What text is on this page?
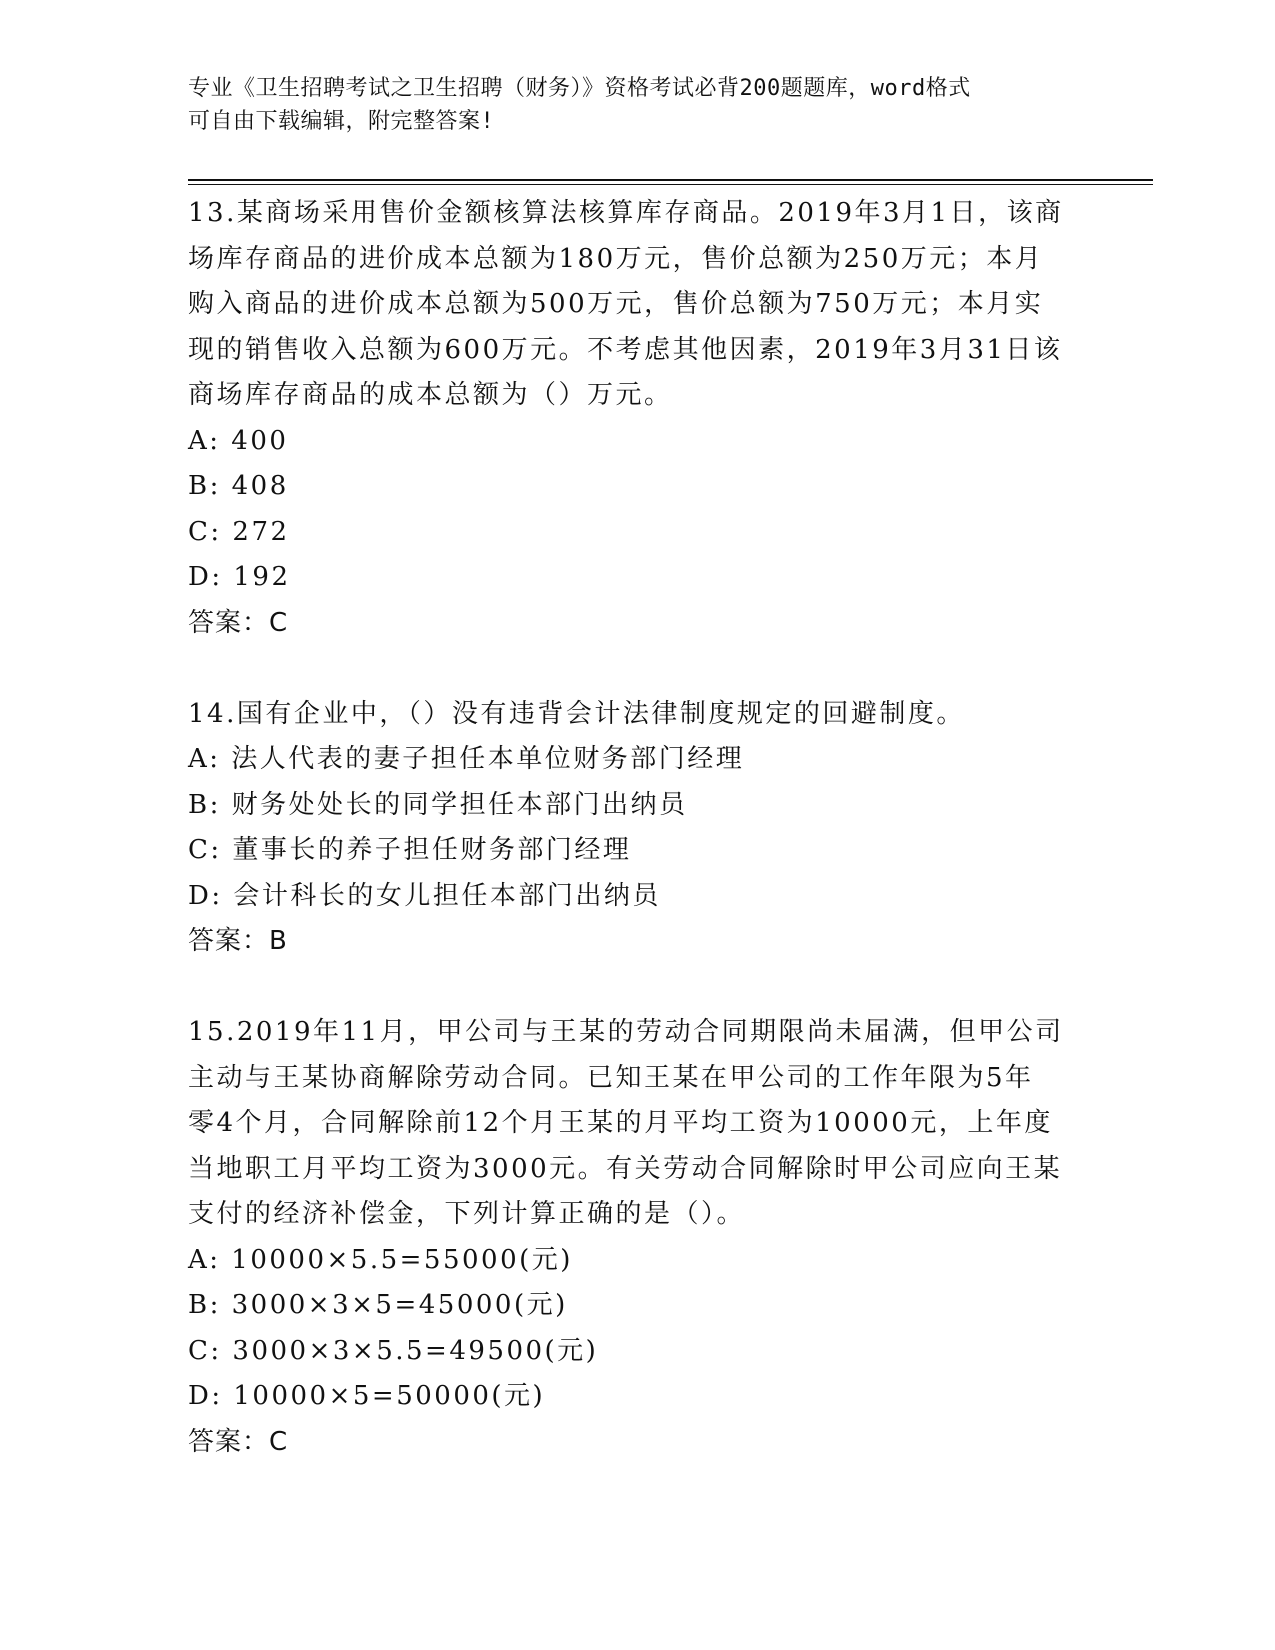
专业《卫生招聘考试之卫生招聘（财务）》资格考试必背200题题库，word格式

可自由下载编辑，附完整答案!

13.某商场采用售价金额核算法核算库存商品。2019年3月1日，该商

场库存商品的进价成本总额为180万元，售价总额为250万元；本月

购入商品的进价成本总额为500万元，售价总额为750万元；本月实

现的销售收入总额为600万元。不考虑其他因素，2019年3月31日该

商场库存商品的成本总额为（）万元。

A: 400

B: 408

C: 272

D: 192

答案：C

14.国有企业中，（）没有违背会计法律制度规定的回避制度。

A: 法人代表的妻子担任本单位财务部门经理

B: 财务处处长的同学担任本部门出纳员

C: 董事长的养子担任财务部门经理

D: 会计科长的女儿担任本部门出纳员

答案：B

15.2019年11月，甲公司与王某的劳动合同期限尚未届满，但甲公司

主动与王某协商解除劳动合同。已知王某在甲公司的工作年限为5年

零4个月，合同解除前12个月王某的月平均工资为10000元，上年度

当地职工月平均工资为3000元。有关劳动合同解除时甲公司应向王某

支付的经济补偿金，下列计算正确的是（）。

A: 10000×5.5=55000(元)

B: 3000×3×5=45000(元)

C: 3000×3×5.5=49500(元)

D: 10000×5=50000(元)

答案：C
